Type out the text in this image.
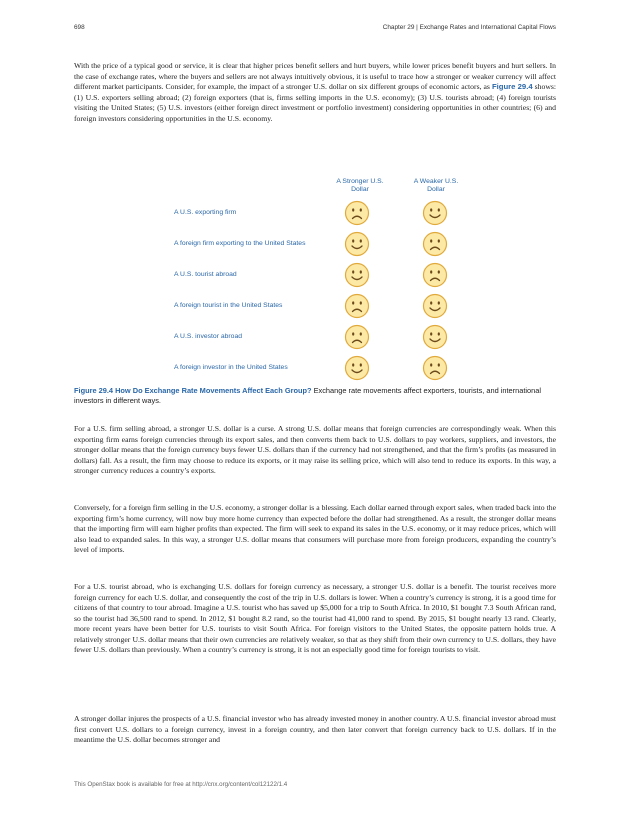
698	Chapter 29 | Exchange Rates and International Capital Flows

With the price of a typical good or service, it is clear that higher prices benefit sellers and hurt buyers, while lower prices benefit buyers and hurt sellers. In the case of exchange rates, where the buyers and sellers are not always intuitively obvious, it is useful to trace how a stronger or weaker currency will affect different market participants. Consider, for example, the impact of a stronger U.S. dollar on six different groups of economic actors, as Figure 29.4 shows: (1) U.S. exporters selling abroad; (2) foreign exporters (that is, firms selling imports in the U.S. economy); (3) U.S. tourists abroad; (4) foreign tourists visiting the United States; (5) U.S. investors (either foreign direct investment or portfolio investment) considering opportunities in other countries; (6) and foreign investors considering opportunities in the U.S. economy.

A Stronger U.S. Dollar
A Weaker U.S. Dollar
A U.S. exporting firm
A foreign firm exporting to the United States
A U.S. tourist abroad
A foreign tourist in the United States
A U.S. investor abroad
A foreign investor in the United States

Figure 29.4 How Do Exchange Rate Movements Affect Each Group? Exchange rate movements affect exporters, tourists, and international investors in different ways.

For a U.S. firm selling abroad, a stronger U.S. dollar is a curse. A strong U.S. dollar means that foreign currencies are correspondingly weak. When this exporting firm earns foreign currencies through its export sales, and then converts them back to U.S. dollars to pay workers, suppliers, and investors, the stronger dollar means that the foreign currency buys fewer U.S. dollars than if the currency had not strengthened, and that the firm’s profits (as measured in dollars) fall. As a result, the firm may choose to reduce its exports, or it may raise its selling price, which will also tend to reduce its exports. In this way, a stronger currency reduces a country’s exports.

Conversely, for a foreign firm selling in the U.S. economy, a stronger dollar is a blessing. Each dollar earned through export sales, when traded back into the exporting firm’s home currency, will now buy more home currency than expected before the dollar had strengthened. As a result, the stronger dollar means that the importing firm will earn higher profits than expected. The firm will seek to expand its sales in the U.S. economy, or it may reduce prices, which will also lead to expanded sales. In this way, a stronger U.S. dollar means that consumers will purchase more from foreign producers, expanding the country’s level of imports.

For a U.S. tourist abroad, who is exchanging U.S. dollars for foreign currency as necessary, a stronger U.S. dollar is a benefit. The tourist receives more foreign currency for each U.S. dollar, and consequently the cost of the trip in U.S. dollars is lower. When a country’s currency is strong, it is a good time for citizens of that country to tour abroad. Imagine a U.S. tourist who has saved up $5,000 for a trip to South Africa. In 2010, $1 bought 7.3 South African rand, so the tourist had 36,500 rand to spend. In 2012, $1 bought 8.2 rand, so the tourist had 41,000 rand to spend. By 2015, $1 bought nearly 13 rand. Clearly, more recent years have been better for U.S. tourists to visit South Africa. For foreign visitors to the United States, the opposite pattern holds true. A relatively stronger U.S. dollar means that their own currencies are relatively weaker, so that as they shift from their own currency to U.S. dollars, they have fewer U.S. dollars than previously. When a country’s currency is strong, it is not an especially good time for foreign tourists to visit.

A stronger dollar injures the prospects of a U.S. financial investor who has already invested money in another country. A U.S. financial investor abroad must first convert U.S. dollars to a foreign currency, invest in a foreign country, and then later convert that foreign currency back to U.S. dollars. If in the meantime the U.S. dollar becomes stronger and

This OpenStax book is available for free at http://cnx.org/content/col12122/1.4
